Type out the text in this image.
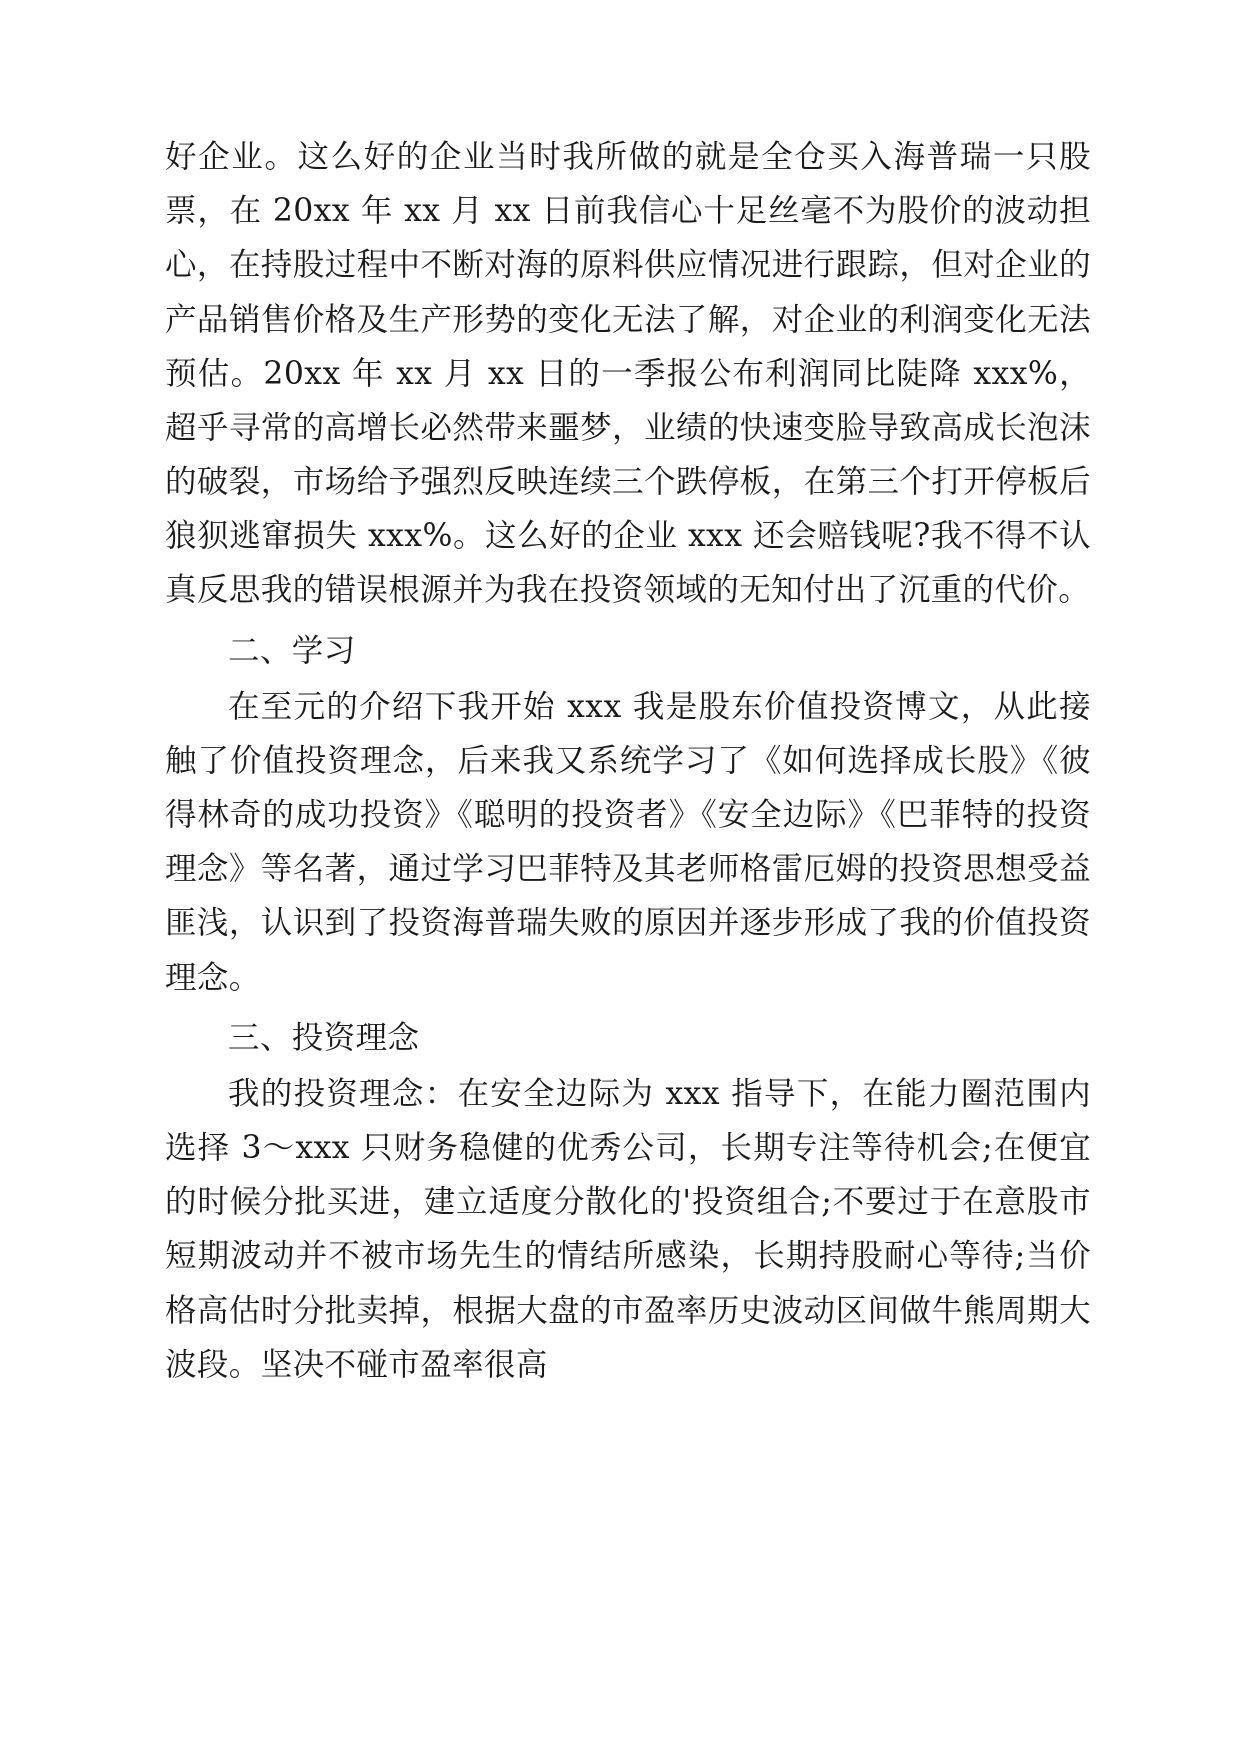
好企业。这么好的企业当时我所做的就是全仓买入海普瑞一只股票，在 20xx 年 xx 月 xx 日前我信心十足丝毫不为股价的波动担心，在持股过程中不断对海的原料供应情况进行跟踪，但对企业的产品销售价格及生产形势的变化无法了解，对企业的利润变化无法预估。20xx 年 xx 月 xx 日的一季报公布利润同比陡降 xxx%，超乎寻常的高增长必然带来噩梦，业绩的快速变脸导致高成长泡沫的破裂，市场给予强烈反映连续三个跌停板，在第三个打开停板后狼狈逃窜损失 xxx%。这么好的企业 xxx 还会赔钱呢?我不得不认真反思我的错误根源并为我在投资领域的无知付出了沉重的代价。

二、学习

在至元的介绍下我开始 xxx 我是股东价值投资博文，从此接触了价值投资理念，后来我又系统学习了《如何选择成长股》《彼得林奇的成功投资》《聪明的投资者》《安全边际》《巴菲特的投资理念》等名著，通过学习巴菲特及其老师格雷厄姆的投资思想受益匪浅，认识到了投资海普瑞失败的原因并逐步形成了我的价值投资理念。

三、投资理念

我的投资理念：在安全边际为 xxx 指导下，在能力圈范围内选择 3～xxx 只财务稳健的优秀公司，长期专注等待机会;在便宜的时候分批买进，建立适度分散化的'投资组合;不要过于在意股市短期波动并不被市场先生的情结所感染，长期持股耐心等待;当价格高估时分批卖掉，根据大盘的市盈率历史波动区间做牛熊周期大波段。坚决不碰市盈率很高
